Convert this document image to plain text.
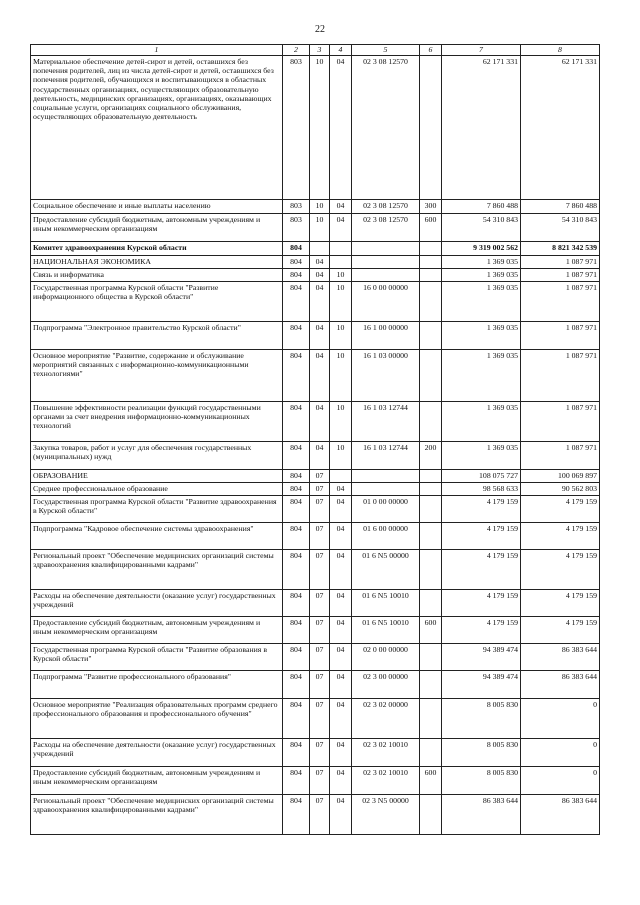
22
1	2	3	4	5	6	7	8
Материальное обеспечение детей-сирот и детей, оставшихся без попечения родителей, лиц из числа детей-сирот и детей, оставшихся без попечения родителей, обучающихся и воспитывающихся в областных государственных организациях, осуществляющих образовательную деятельность, медицинских организациях, организациях, оказывающих социальные услуги, организациях социального обслуживания, осуществляющих образовательную деятельность	803	10	04	02 3 08 12570		62 171 331	62 171 331
Социальное обеспечение и иные выплаты населению	803	10	04	02 3 08 12570	300	7 860 488	7 860 488
Предоставление субсидий бюджетным, автономным учреждениям и иным некоммерческим организациям	803	10	04	02 3 08 12570	600	54 310 843	54 310 843
Комитет здравоохранения Курской области	804					9 319 002 562	8 821 342 539
НАЦИОНАЛЬНАЯ ЭКОНОМИКА	804	04				1 369 035	1 087 971
Связь и информатика	804	04	10			1 369 035	1 087 971
Государственная программа Курской области "Развитие информационного общества в Курской области"	804	04	10	16 0 00 00000		1 369 035	1 087 971
Подпрограмма "Электронное правительство Курской области"	804	04	10	16 1 00 00000		1 369 035	1 087 971
Основное мероприятие "Развитие, содержание и обслуживание мероприятий связанных с информационно-коммуникационными технологиями"	804	04	10	16 1 03 00000		1 369 035	1 087 971
Повышение эффективности реализации функций государственными органами за счет внедрения информационно-коммуникационных технологий	804	04	10	16 1 03 12744		1 369 035	1 087 971
Закупка товаров, работ и услуг для обеспечения государственных (муниципальных) нужд	804	04	10	16 1 03 12744	200	1 369 035	1 087 971
ОБРАЗОВАНИЕ	804	07				108 075 727	100 069 897
Среднее профессиональное образование	804	07	04			98 568 633	90 562 803
Государственная программа Курской области "Развитие здравоохранения в Курской области"	804	07	04	01 0 00 00000		4 179 159	4 179 159
Подпрограмма "Кадровое обеспечение системы здравоохранения"	804	07	04	01 6 00 00000		4 179 159	4 179 159
Региональный проект "Обеспечение медицинских организаций системы здравоохранения квалифицированными кадрами"	804	07	04	01 6 N5 00000		4 179 159	4 179 159
Расходы на обеспечение деятельности (оказание услуг) государственных учреждений	804	07	04	01 6 N5 10010		4 179 159	4 179 159
Предоставление субсидий бюджетным, автономным учреждениям и иным некоммерческим организациям	804	07	04	01 6 N5 10010	600	4 179 159	4 179 159
Государственная программа Курской области "Развитие образования в Курской области"	804	07	04	02 0 00 00000		94 389 474	86 383 644
Подпрограмма "Развитие профессионального образования"	804	07	04	02 3 00 00000		94 389 474	86 383 644
Основное мероприятие "Реализация образовательных программ среднего профессионального образования и профессионального обучения"	804	07	04	02 3 02 00000		8 005 830	0
Расходы на обеспечение деятельности (оказание услуг) государственных учреждений	804	07	04	02 3 02 10010		8 005 830	0
Предоставление субсидий бюджетным, автономным учреждениям и иным некоммерческим организациям	804	07	04	02 3 02 10010	600	8 005 830	0
Региональный проект "Обеспечение медицинских организаций системы здравоохранения квалифицированными кадрами"	804	07	04	02 3 N5 00000		86 383 644	86 383 644
